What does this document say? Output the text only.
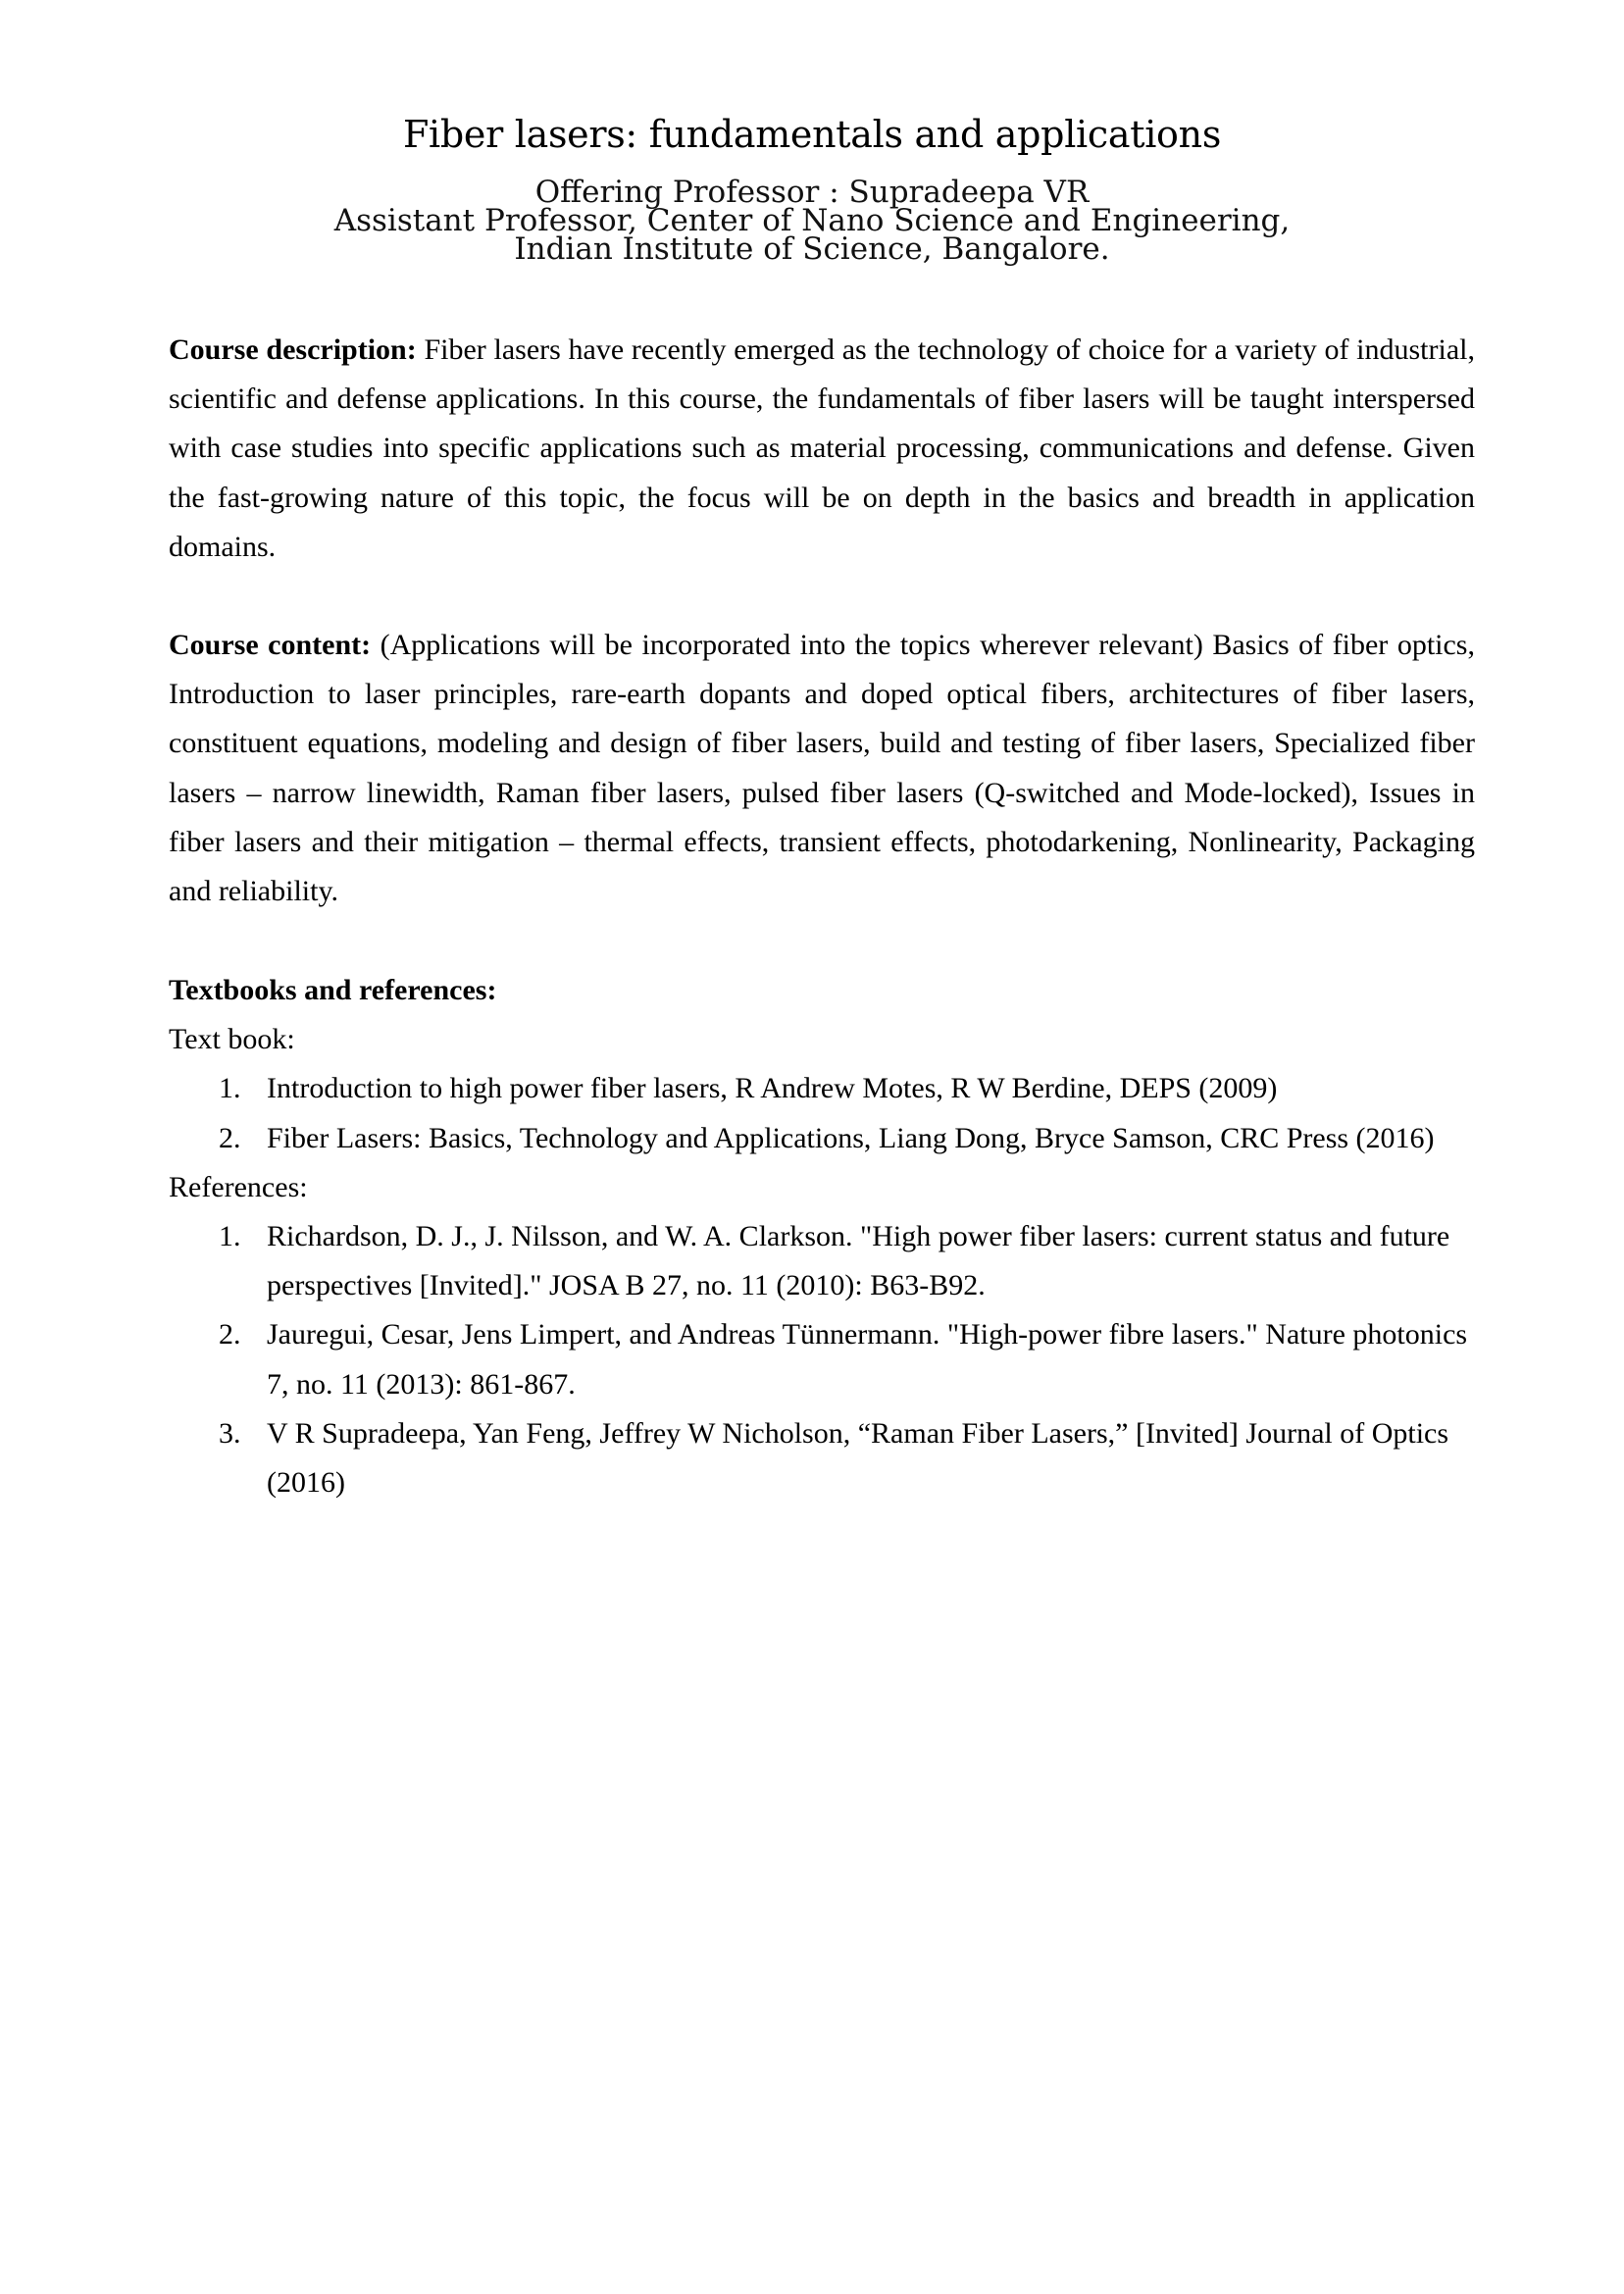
Fiber lasers: fundamentals and applications
Offering Professor : Supradeepa VR
Assistant Professor, Center of Nano Science and Engineering,
Indian Institute of Science, Bangalore.

Course description: Fiber lasers have recently emerged as the technology of choice for a variety of industrial, scientific and defense applications. In this course, the fundamentals of fiber lasers will be taught interspersed with case studies into specific applications such as material processing, communications and defense. Given the fast-growing nature of this topic, the focus will be on depth in the basics and breadth in application domains.

Course content: (Applications will be incorporated into the topics wherever relevant) Basics of fiber optics, Introduction to laser principles, rare-earth dopants and doped optical fibers, architectures of fiber lasers, constituent equations, modeling and design of fiber lasers, build and testing of fiber lasers, Specialized fiber lasers – narrow linewidth, Raman fiber lasers, pulsed fiber lasers (Q-switched and Mode-locked), Issues in fiber lasers and their mitigation – thermal effects, transient effects, photodarkening, Nonlinearity, Packaging and reliability.

Textbooks and references:

Text book:

1. Introduction to high power fiber lasers, R Andrew Motes, R W Berdine, DEPS (2009)
2. Fiber Lasers: Basics, Technology and Applications, Liang Dong, Bryce Samson, CRC Press (2016)

References:

1. Richardson, D. J., J. Nilsson, and W. A. Clarkson. "High power fiber lasers: current status and future perspectives [Invited]." JOSA B 27, no. 11 (2010): B63-B92.
2. Jauregui, Cesar, Jens Limpert, and Andreas Tünnermann. "High-power fibre lasers." Nature photonics 7, no. 11 (2013): 861-867.
3. V R Supradeepa, Yan Feng, Jeffrey W Nicholson, “Raman Fiber Lasers,” [Invited] Journal of Optics (2016)
